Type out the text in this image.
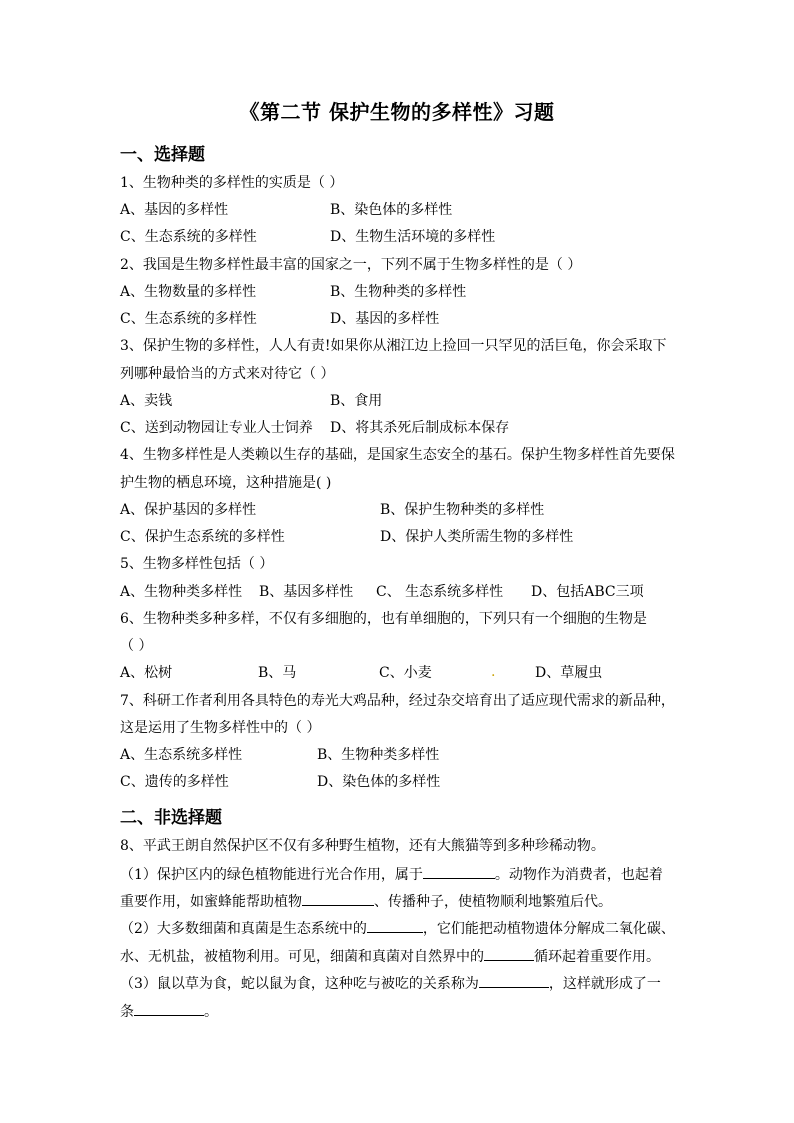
《第二节 保护生物的多样性》习题
一、选择题
1、生物种类的多样性的实质是（ ）
A、基因的多样性	B、染色体的多样性
C、生态系统的多样性	D、生物生活环境的多样性
2、我国是生物多样性最丰富的国家之一，下列不属于生物多样性的是（ ）
A、生物数量的多样性	B、生物种类的多样性
C、生态系统的多样性	D、基因的多样性
3、保护生物的多样性，人人有责!如果你从湘江边上捡回一只罕见的活巨龟，你会采取下
列哪种最恰当的方式来对待它（ ）
A、卖钱	B、食用
C、送到动物园让专业人士饲养 D、将其杀死后制成标本保存
4、生物多样性是人类赖以生存的基础，是国家生态安全的基石。保护生物多样性首先要保
护生物的栖息环境，这种措施是( )
A、保护基因的多样性	B、保护生物种类的多样性
C、保护生态系统的多样性	D、保护人类所需生物的多样性
5、生物多样性包括（ ）
A、生物种类多样性 B、基因多样性 C、 生态系统多样性 D、包括ABC三项
6、生物种类多种多样，不仅有多细胞的，也有单细胞的，下列只有一个细胞的生物是
（ ）
A、松树	B、马	C、小麦	.	D、草履虫
7、科研工作者利用各具特色的寿光大鸡品种，经过杂交培育出了适应现代需求的新品种，
这是运用了生物多样性中的（ ）
A、生态系统多样性	B、生物种类多样性
C、遗传的多样性	D、染色体的多样性
二、非选择题
8、平武王朗自然保护区不仅有多种野生植物，还有大熊猫等到多种珍稀动物。
（1）保护区内的绿色植物能进行光合作用，属于	。动物作为消费者，也起着
重要作用，如蜜蜂能帮助植物	、传播种子，使植物顺利地繁殖后代。
（2）大多数细菌和真菌是生态系统中的	，它们能把动植物遗体分解成二氧化碳、
水、无机盐，被植物利用。可见，细菌和真菌对自然界中的	循环起着重要作用。
（3）鼠以草为食，蛇以鼠为食，这种吃与被吃的关系称为	，这样就形成了一
条	。
